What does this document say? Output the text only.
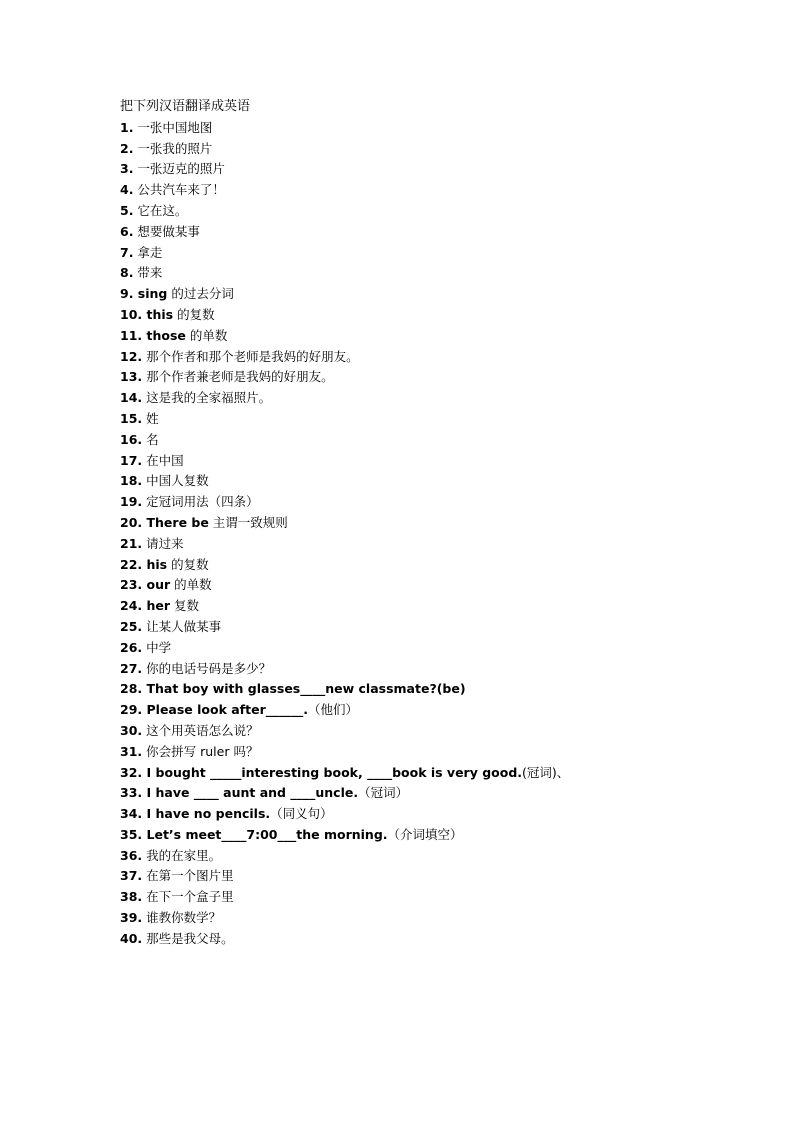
把下列汉语翻译成英语
1. 一张中国地图
2. 一张我的照片
3. 一张迈克的照片
4. 公共汽车来了！
5. 它在这。
6. 想要做某事
7. 拿走
8. 带来
9. sing 的过去分词
10. this 的复数
11. those 的单数
12. 那个作者和那个老师是我妈的好朋友。
13. 那个作者兼老师是我妈的好朋友。
14. 这是我的全家福照片。
15. 姓
16. 名
17. 在中国
18. 中国人复数
19. 定冠词用法（四条）
20. There be 主谓一致规则
21. 请过来
22. his 的复数
23. our 的单数
24. her 复数
25. 让某人做某事
26. 中学
27. 你的电话号码是多少？
28. That boy with glasses____new classmate?(be)
29. Please look after______.（他们）
30. 这个用英语怎么说？
31. 你会拼写 ruler 吗？
32. I bought _____interesting book, ____book is very good.(冠词)、
33. I have ____ aunt and ____uncle.（冠词）
34. I have no pencils.（同义句）
35. Let’s meet____7:00___the morning.（介词填空）
36. 我的在家里。
37. 在第一个图片里
38. 在下一个盒子里
39. 谁教你数学？
40. 那些是我父母。
